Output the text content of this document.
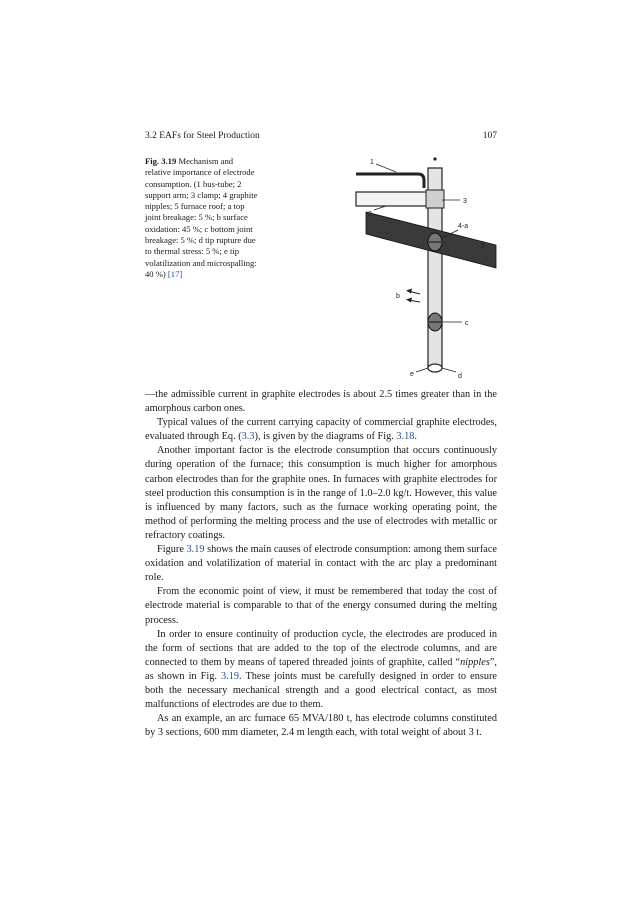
3.2 EAFs for Steel Production	107
Fig. 3.19 Mechanism and relative importance of electrode consumption. (1 bus-tube; 2 support arm; 3 clamp; 4 graphite nipples; 5 furnace roof; a top joint breakage: 5 %; b surface oxidation: 45 %; c bottom joint breakage: 5 %; d tip rupture due to thermal stress: 5 %; e tip volatilization and microspalling: 40 %) [17]
1
2
3
4-a
5
b
c
d
e

—the admissible current in graphite electrodes is about 2.5 times greater than in the amorphous carbon ones.

Typical values of the current carrying capacity of commercial graphite electrodes, evaluated through Eq. (3.3), is given by the diagrams of Fig. 3.18.

Another important factor is the electrode consumption that occurs continuously during operation of the furnace; this consumption is much higher for amorphous carbon electrodes than for the graphite ones. In furnaces with graphite electrodes for steel production this consumption is in the range of 1.0–2.0 kg/t. However, this value is influenced by many factors, such as the furnace working operating point, the method of performing the melting process and the use of electrodes with metallic or refractory coatings.

Figure 3.19 shows the main causes of electrode consumption: among them surface oxidation and volatilization of material in contact with the arc play a predominant role.

From the economic point of view, it must be remembered that today the cost of electrode material is comparable to that of the energy consumed during the melting process.

In order to ensure continuity of production cycle, the electrodes are produced in the form of sections that are added to the top of the electrode columns, and are connected to them by means of tapered threaded joints of graphite, called “nipples”, as shown in Fig. 3.19. These joints must be carefully designed in order to ensure both the necessary mechanical strength and a good electrical contact, as most malfunctions of electrodes are due to them.

As an example, an arc furnace 65 MVA/180 t, has electrode columns constituted by 3 sections, 600 mm diameter, 2.4 m length each, with total weight of about 3 t.
